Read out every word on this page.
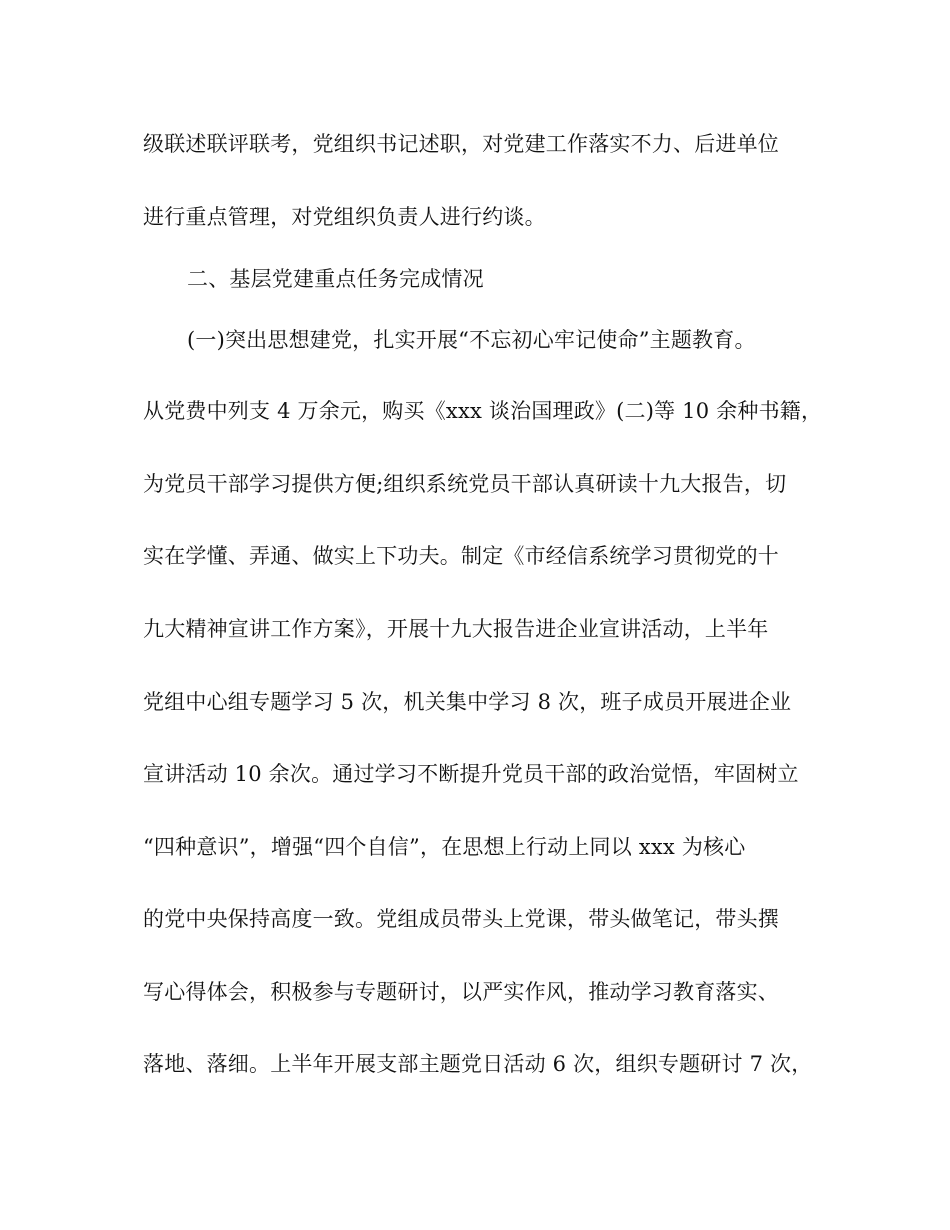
级联述联评联考，党组织书记述职，对党建工作落实不力、后进单位
进行重点管理，对党组织负责人进行约谈。
二、基层党建重点任务完成情况
(一)突出思想建党，扎实开展“不忘初心牢记使命”主题教育。
从党费中列支 4 万余元，购买《xxx 谈治国理政》(二)等 10 余种书籍，
为党员干部学习提供方便;组织系统党员干部认真研读十九大报告，切
实在学懂、弄通、做实上下功夫。制定《市经信系统学习贯彻党的十
九大精神宣讲工作方案》，开展十九大报告进企业宣讲活动，上半年
党组中心组专题学习 5 次，机关集中学习 8 次，班子成员开展进企业
宣讲活动 10 余次。通过学习不断提升党员干部的政治觉悟，牢固树立
“四种意识”，增强“四个自信”，在思想上行动上同以 xxx 为核心
的党中央保持高度一致。党组成员带头上党课，带头做笔记，带头撰
写心得体会，积极参与专题研讨，以严实作风，推动学习教育落实、
落地、落细。上半年开展支部主题党日活动 6 次，组织专题研讨 7 次，
